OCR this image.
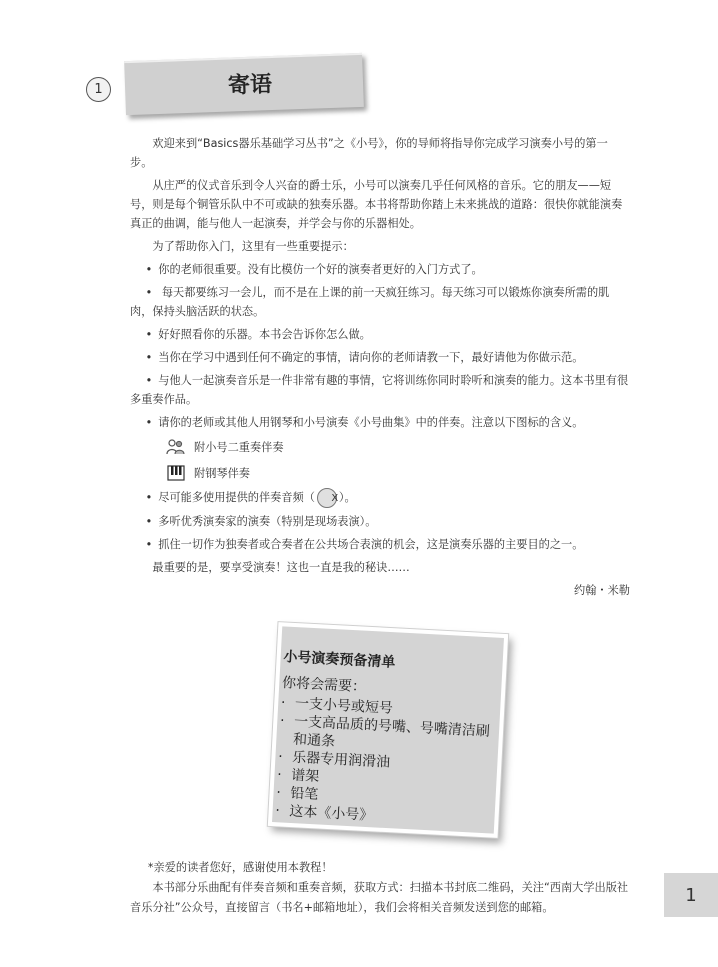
1	寄语

欢迎来到“Basics器乐基础学习丛书”之《小号》，你的导师将指导你完成学习演奏小号的第一步。

从庄严的仪式音乐到令人兴奋的爵士乐，小号可以演奏几乎任何风格的音乐。它的朋友——短号，则是每个铜管乐队中不可或缺的独奏乐器。本书将帮助你踏上未来挑战的道路：很快你就能演奏真正的曲调，能与他人一起演奏，并学会与你的乐器相处。

为了帮助你入门，这里有一些重要提示：

• 你的老师很重要。没有比模仿一个好的演奏者更好的入门方式了。

• 每天都要练习一会儿，而不是在上课的前一天疯狂练习。每天练习可以锻炼你演奏所需的肌肉，保持头脑活跃的状态。

• 好好照看你的乐器。本书会告诉你怎么做。

• 当你在学习中遇到任何不确定的事情，请向你的老师请教一下，最好请他为你做示范。

• 与他人一起演奏音乐是一件非常有趣的事情，它将训练你同时聆听和演奏的能力。这本书里有很多重奏作品。

• 请你的老师或其他人用钢琴和小号演奏《小号曲集》中的伴奏。注意以下图标的含义。

附小号二重奏伴奏
附钢琴伴奏

• 尽可能多使用提供的伴奏音频（ X）。

• 多听优秀演奏家的演奏（特别是现场表演）。

• 抓住一切作为独奏者或合奏者在公共场合表演的机会，这是演奏乐器的主要目的之一。

最重要的是，要享受演奏！这也一直是我的秘诀……

约翰・米勒

小号演奏预备清单
你将会需要：
· 一支小号或短号
· 一支高品质的号嘴、号嘴清洁刷和通条
· 乐器专用润滑油
· 谱架
· 铅笔
· 这本《小号》

*亲爱的读者您好，感谢使用本教程！

本书部分乐曲配有伴奏音频和重奏音频，获取方式：扫描本书封底二维码，关注“西南大学出版社音乐分社”公众号，直接留言（书名+邮箱地址），我们会将相关音频发送到您的邮箱。

1
